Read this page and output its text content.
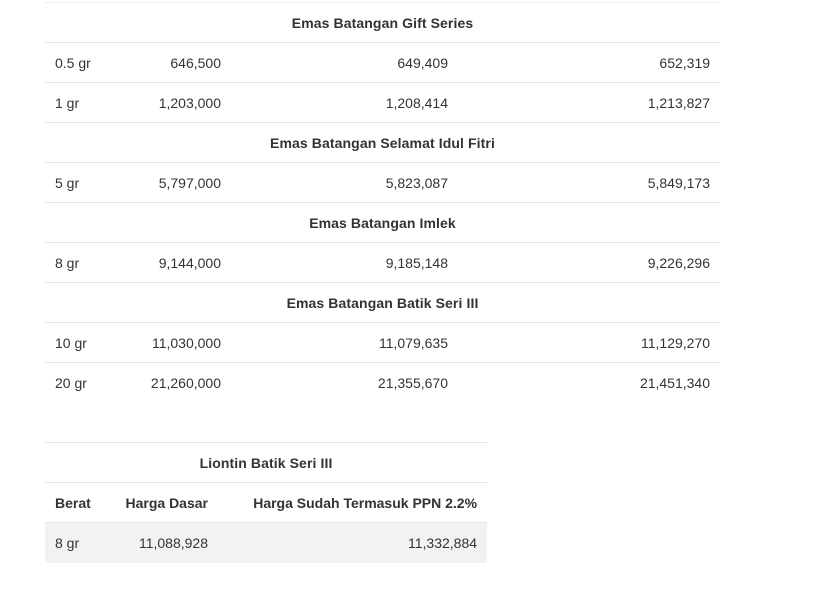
Emas Batangan Gift Series			
0.5 gr	646,500	649,409	652,319
1 gr	1,203,000	1,208,414	1,213,827
Emas Batangan Selamat Idul Fitri			
5 gr	5,797,000	5,823,087	5,849,173
Emas Batangan Imlek			
8 gr	9,144,000	9,185,148	9,226,296
Emas Batangan Batik Seri III			
10 gr	11,030,000	11,079,635	11,129,270
20 gr	21,260,000	21,355,670	21,451,340
Liontin Batik Seri III		
Berat	Harga Dasar	Harga Sudah Termasuk PPN 2.2%
8 gr	11,088,928	11,332,884
